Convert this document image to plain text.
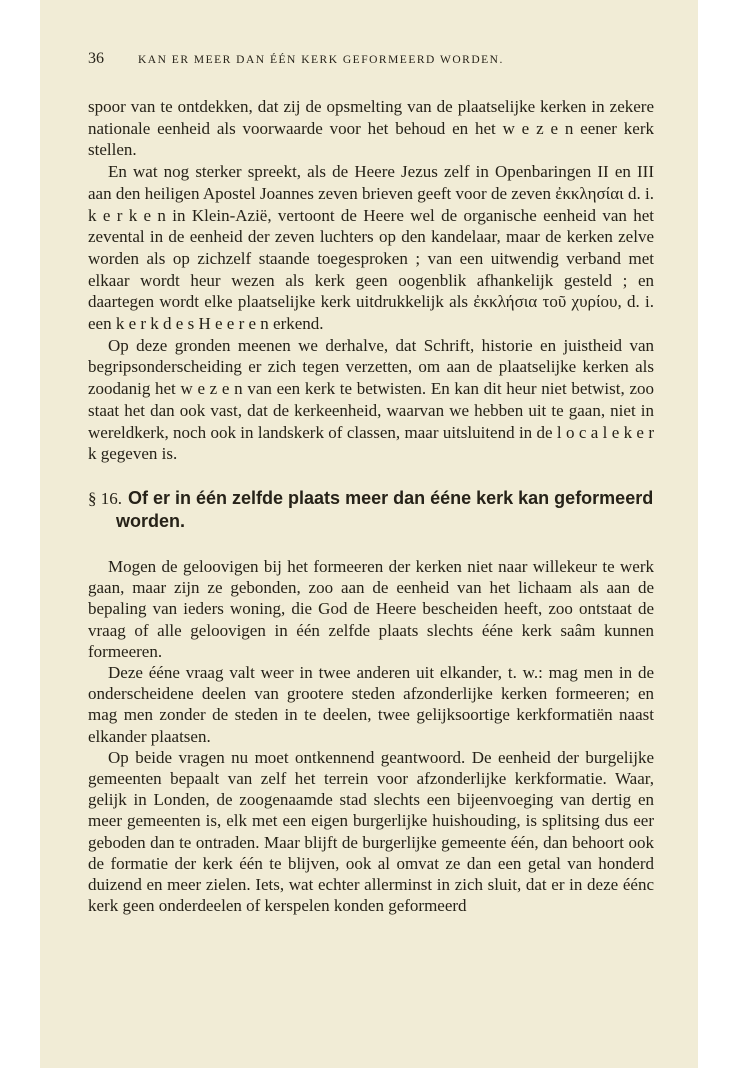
36	KAN ER MEER DAN ÉÉN KERK GEFORMEERD WORDEN.

spoor van te ontdekken, dat zij de opsmelting van de plaatselijke kerken in zekere nationale eenheid als voorwaarde voor het behoud en het w e z e n eener kerk stellen.

En wat nog sterker spreekt, als de Heere Jezus zelf in Openbaringen II en III aan den heiligen Apostel Joannes zeven brieven geeft voor de zeven ἐκκλησίαι d. i. k e r k e n in Klein-Azië, vertoont de Heere wel de organische eenheid van het zevental in de eenheid der zeven luchters op den kandelaar, maar de kerken zelve worden als op zichzelf staande toegesproken ; van een uitwendig verband met elkaar wordt heur wezen als kerk geen oogenblik afhankelijk gesteld ; en daartegen wordt elke plaatselijke kerk uitdrukkelijk als ἐκκλήσια τοῦ χυρίου, d. i. een k e r k d e s H e e r e n erkend.

Op deze gronden meenen we derhalve, dat Schrift, historie en juistheid van begripsonderscheiding er zich tegen verzetten, om aan de plaatselijke kerken als zoodanig het w e z e n van een kerk te betwisten. En kan dit heur niet betwist, zoo staat het dan ook vast, dat de kerkeenheid, waarvan we hebben uit te gaan, niet in wereldkerk, noch ook in landskerk of classen, maar uitsluitend in de l o c a l e k e r k gegeven is.

§ 16. Of er in één zelfde plaats meer dan ééne kerk kan geformeerd worden.

Mogen de geloovigen bij het formeeren der kerken niet naar willekeur te werk gaan, maar zijn ze gebonden, zoo aan de eenheid van het lichaam als aan de bepaling van ieders woning, die God de Heere bescheiden heeft, zoo ontstaat de vraag of alle geloovigen in één zelfde plaats slechts ééne kerk saâm kunnen formeeren.

Deze ééne vraag valt weer in twee anderen uit elkander, t. w.: mag men in de onderscheidene deelen van grootere steden afzonderlijke kerken formeeren; en mag men zonder de steden in te deelen, twee gelijksoortige kerkformatiën naast elkander plaatsen.

Op beide vragen nu moet ontkennend geantwoord. De eenheid der burgelijke gemeenten bepaalt van zelf het terrein voor afzonderlijke kerkformatie. Waar, gelijk in Londen, de zoogenaamde stad slechts een bijeenvoeging van dertig en meer gemeenten is, elk met een eigen burgerlijke huishouding, is splitsing dus eer geboden dan te ontraden. Maar blijft de burgerlijke gemeente één, dan behoort ook de formatie der kerk één te blijven, ook al omvat ze dan een getal van honderd duizend en meer zielen. Iets, wat echter allerminst in zich sluit, dat er in deze éénc kerk geen onderdeelen of kerspelen konden geformeerd
